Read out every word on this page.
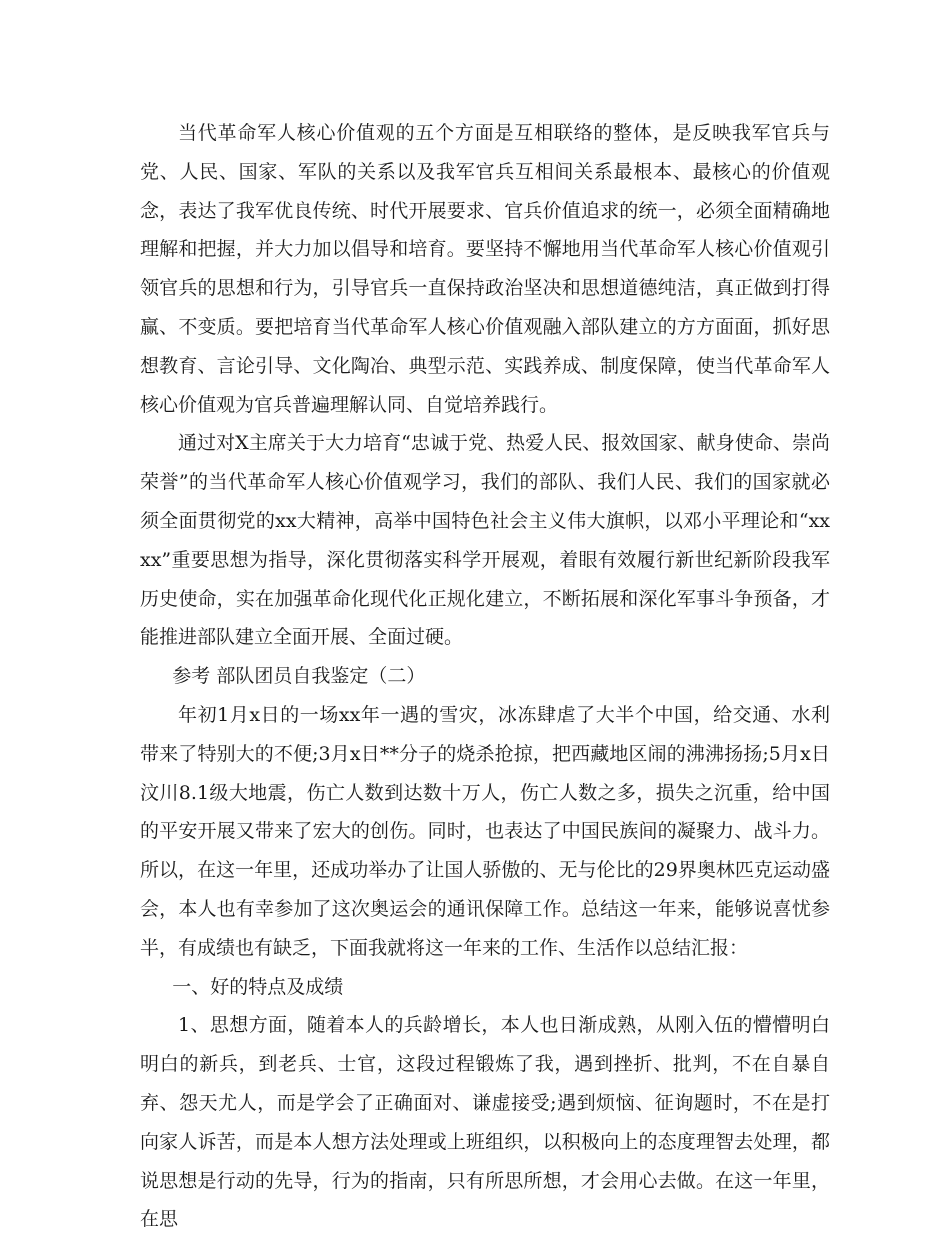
当代革命军人核心价值观的五个方面是互相联络的整体，是反映我军官兵与党、人民、国家、军队的关系以及我军官兵互相间关系最根本、最核心的价值观念，表达了我军优良传统、时代开展要求、官兵价值追求的统一，必须全面精确地理解和把握，并大力加以倡导和培育。要坚持不懈地用当代革命军人核心价值观引领官兵的思想和行为，引导官兵一直保持政治坚决和思想道德纯洁，真正做到打得赢、不变质。要把培育当代革命军人核心价值观融入部队建立的方方面面，抓好思想教育、言论引导、文化陶冶、典型示范、实践养成、制度保障，使当代革命军人核心价值观为官兵普遍理解认同、自觉培养践行。

通过对X主席关于大力培育“忠诚于党、热爱人民、报效国家、献身使命、崇尚荣誉”的当代革命军人核心价值观学习，我们的部队、我们人民、我们的国家就必须全面贯彻党的xx大精神，高举中国特色社会主义伟大旗帜，以邓小平理论和“xxxx”重要思想为指导，深化贯彻落实科学开展观，着眼有效履行新世纪新阶段我军历史使命，实在加强革命化现代化正规化建立，不断拓展和深化军事斗争预备，才能推进部队建立全面开展、全面过硬。

参考 部队团员自我鉴定（二）

年初1月x日的一场xx年一遇的雪灾，冰冻肆虐了大半个中国，给交通、水利带来了特别大的不便;3月x日**分子的烧杀抢掠，把西藏地区闹的沸沸扬扬;5月x日汶川8.1级大地震，伤亡人数到达数十万人，伤亡人数之多，损失之沉重，给中国的平安开展又带来了宏大的创伤。同时，也表达了中国民族间的凝聚力、战斗力。所以，在这一年里，还成功举办了让国人骄傲的、无与伦比的29界奥林匹克运动盛会，本人也有幸参加了这次奥运会的通讯保障工作。总结这一年来，能够说喜忧参半，有成绩也有缺乏，下面我就将这一年来的工作、生活作以总结汇报：

一、好的特点及成绩

1、思想方面，随着本人的兵龄增长，本人也日渐成熟，从刚入伍的懵懵明白明白的新兵，到老兵、士官，这段过程锻炼了我，遇到挫折、批判，不在自暴自弃、怨天尤人，而是学会了正确面对、谦虚接受;遇到烦恼、征询题时，不在是打向家人诉苦，而是本人想方法处理或上班组织，以积极向上的态度理智去处理，都说思想是行动的先导，行为的指南，只有所思所想，才会用心去做。在这一年里，在思
